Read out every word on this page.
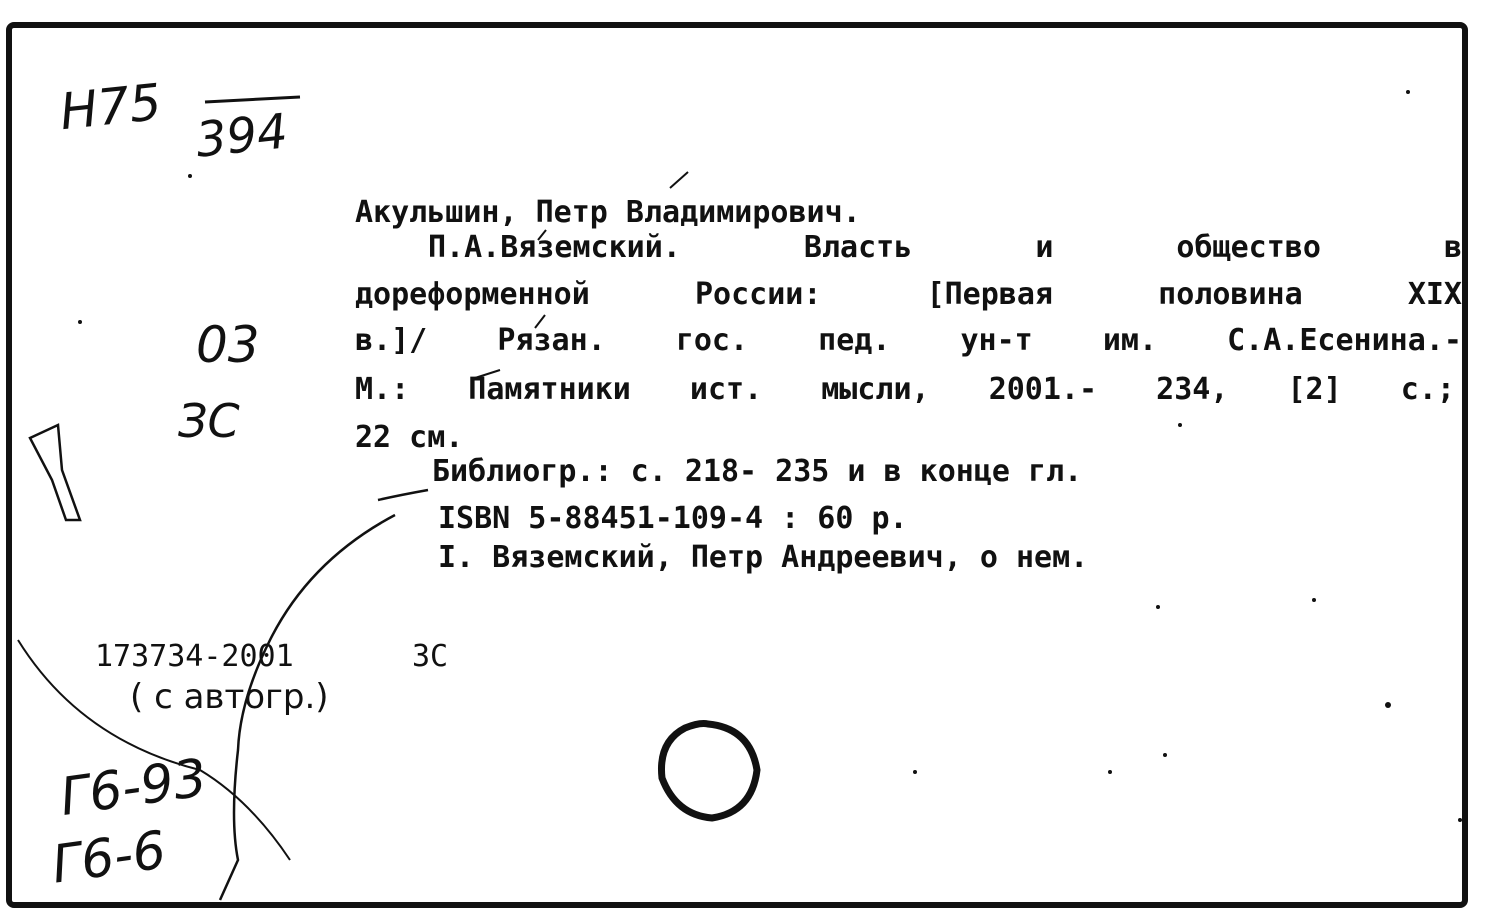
Н75 394
03
ЗС
Акульшин, Петр Владимирович.
П.А.Вяземский.	Власть	и	общество	в
дореформенной	России:	[Первая	половина	XIX
в.]/ Рязан. гос. пед. ун-т им. С.А.Есенина.-
М.: Памятники ист. мысли, 2001.- 234, [2] с.;
22 см.
Библиогр.: с. 218- 235 и в конце гл.
ISBN 5-88451-109-4 : 60 р.
I. Вяземский, Петр Андреевич, о нем.
173734-2001	ЗС
( с автогр.)
Г6-93
Г6-6
